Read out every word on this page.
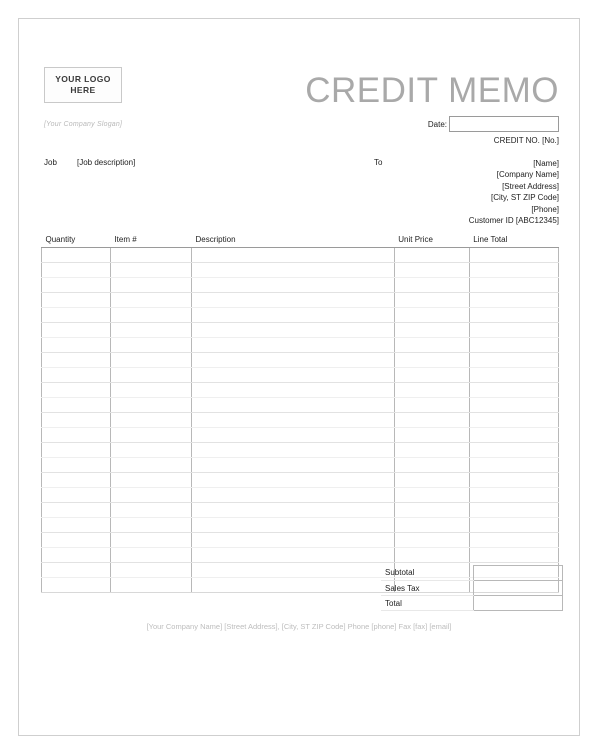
YOUR LOGO
HERE
[Your Company Slogan]
CREDIT MEMO
Date:
CREDIT NO. [No.]
Job	[Job description]	To	[Name]
[Company Name]
[Street Address]
[City, ST ZIP Code]
[Phone]
Customer ID [ABC12345]
Quantity	Item #	Description	Unit Price	Line Total

Subtotal	
Sales Tax	
Total	
[Your Company Name] [Street Address], [City, ST ZIP Code] Phone [phone] Fax [fax] [email]
